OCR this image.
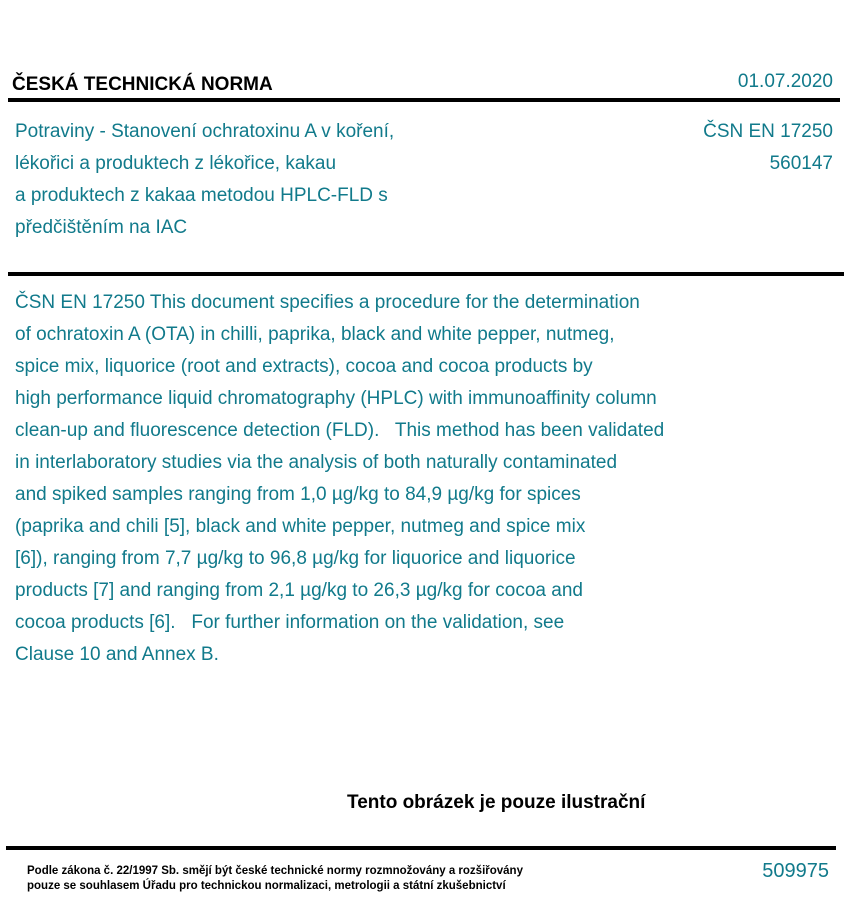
ČESKÁ TECHNICKÁ NORMA	01.07.2020
Potraviny - Stanovení ochratoxinu A v koření,
lékořici a produktech z lékořice, kakau
a produktech z kakaa metodou HPLC-FLD s
předčištěním na IAC
ČSN EN 17250
560147
ČSN EN 17250 This document specifies a procedure for the determination
of ochratoxin A (OTA) in chilli, paprika, black and white pepper, nutmeg,
spice mix, liquorice (root and extracts), cocoa and cocoa products by
high performance liquid chromatography (HPLC) with immunoaffinity column
clean-up and fluorescence detection (FLD).   This method has been validated
in interlaboratory studies via the analysis of both naturally contaminated
and spiked samples ranging from 1,0 µg/kg to 84,9 µg/kg for spices
(paprika and chili [5], black and white pepper, nutmeg and spice mix
[6]), ranging from 7,7 µg/kg to 96,8 µg/kg for liquorice and liquorice
products [7] and ranging from 2,1 µg/kg to 26,3 µg/kg for cocoa and
cocoa products [6].   For further information on the validation, see
Clause 10 and Annex B.
Tento obrázek je pouze ilustrační
Podle zákona č. 22/1997 Sb. smějí být české technické normy rozmnožovány a rozšiřovány
pouze se souhlasem Úřadu pro technickou normalizaci, metrologii a státní zkušebnictví
509975
